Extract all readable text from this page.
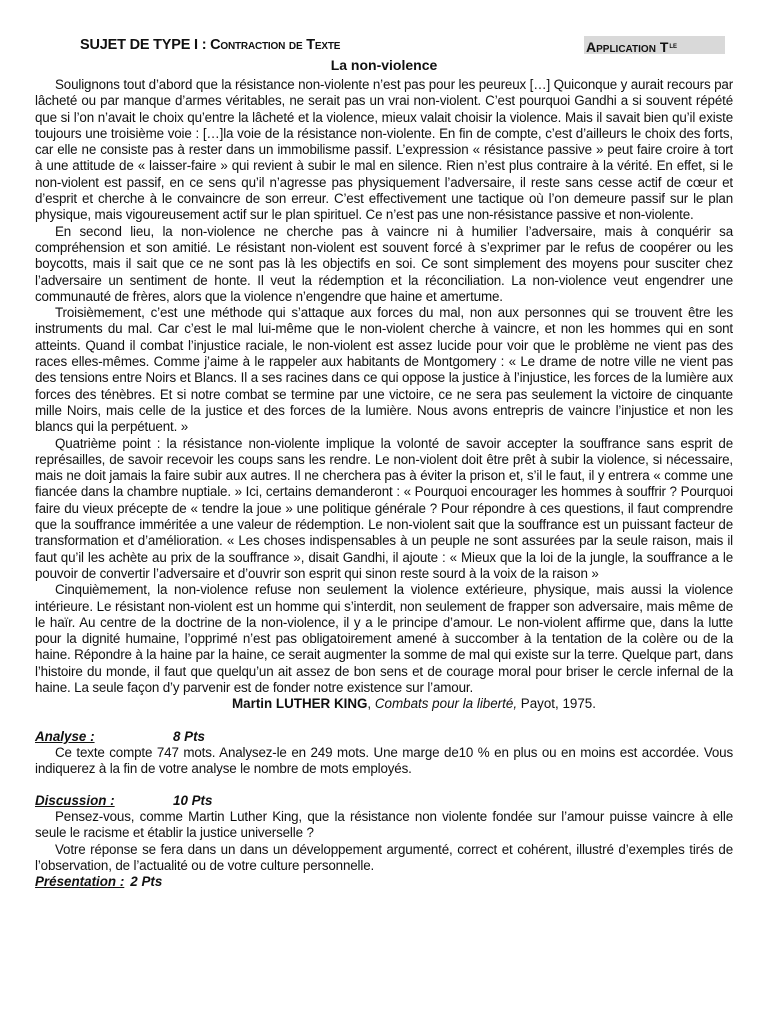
SUJET DE TYPE I : Contraction de Texte	Application $T^{le}$
La non-violence

Soulignons tout d’abord que la résistance non-violente n’est pas pour les peureux […] Quiconque y aurait recours par lâcheté ou par manque d’armes véritables, ne serait pas un vrai non-violent. C’est pourquoi Gandhi a si souvent répété que si l’on n’avait le choix qu’entre la lâcheté et la violence, mieux valait choisir la violence. Mais il savait bien qu’il existe toujours une troisième voie : […]la voie de la résistance non-violente. En fin de compte, c’est d’ailleurs le choix des forts, car elle ne consiste pas à rester dans un immobilisme passif. L’expression « résistance passive » peut faire croire à tort à une attitude de « laisser-faire » qui revient à subir le mal en silence. Rien n’est plus contraire à la vérité. En effet, si le non-violent est passif, en ce sens qu’il n’agresse pas physiquement l’adversaire, il reste sans cesse actif de cœur et d’esprit et cherche à le convaincre de son erreur. C’est effectivement une tactique où l’on demeure passif sur le plan physique, mais vigoureusement actif sur le plan spirituel. Ce n’est pas une non-résistance passive et non-violente.

En second lieu, la non-violence ne cherche pas à vaincre ni à humilier l’adversaire, mais à conquérir sa compréhension et son amitié. Le résistant non-violent est souvent forcé à s’exprimer par le refus de coopérer ou les boycotts, mais il sait que ce ne sont pas là les objectifs en soi. Ce sont simplement des moyens pour susciter chez l’adversaire un sentiment de honte. Il veut la rédemption et la réconciliation. La non-violence veut engendrer une communauté de frères, alors que la violence n’engendre que haine et amertume.

Troisièmement, c’est une méthode qui s’attaque aux forces du mal, non aux personnes qui se trouvent être les instruments du mal. Car c’est le mal lui-même que le non-violent cherche à vaincre, et non les hommes qui en sont atteints. Quand il combat l’injustice raciale, le non-violent est assez lucide pour voir que le problème ne vient pas des races elles-mêmes. Comme j’aime à le rappeler aux habitants de Montgomery : « Le drame de notre ville ne vient pas des tensions entre Noirs et Blancs. Il a ses racines dans ce qui oppose la justice à l’injustice, les forces de la lumière aux forces des ténèbres. Et si notre combat se termine par une victoire, ce ne sera pas seulement la victoire de cinquante mille Noirs, mais celle de la justice et des forces de la lumière. Nous avons entrepris de vaincre l’injustice et non les blancs qui la perpétuent. »

Quatrième point : la résistance non-violente implique la volonté de savoir accepter la souffrance sans esprit de représailles, de savoir recevoir les coups sans les rendre. Le non-violent doit être prêt à subir la violence, si nécessaire, mais ne doit jamais la faire subir aux autres. Il ne cherchera pas à éviter la prison et, s’il le faut, il y entrera « comme une fiancée dans la chambre nuptiale. » Ici, certains demanderont : « Pourquoi encourager les hommes à souffrir ? Pourquoi faire du vieux précepte de « tendre la joue » une politique générale ? Pour répondre à ces questions, il faut comprendre que la souffrance imméritée a une valeur de rédemption. Le non-violent sait que la souffrance est un puissant facteur de transformation et d’amélioration. « Les choses indispensables à un peuple ne sont assurées par la seule raison, mais il faut qu’il les achète au prix de la souffrance », disait Gandhi, il ajoute : « Mieux que la loi de la jungle, la souffrance a le pouvoir de convertir l’adversaire et d’ouvrir son esprit qui sinon reste sourd à la voix de la raison »

Cinquièmement, la non-violence refuse non seulement la violence extérieure, physique, mais aussi la violence intérieure. Le résistant non-violent est un homme qui s’interdit, non seulement de frapper son adversaire, mais même de le haïr. Au centre de la doctrine de la non-violence, il y a le principe d’amour. Le non-violent affirme que, dans la lutte pour la dignité humaine, l’opprimé n’est pas obligatoirement amené à succomber à la tentation de la colère ou de la haine. Répondre à la haine par la haine, ce serait augmenter la somme de mal qui existe sur la terre. Quelque part, dans l’histoire du monde, il faut que quelqu’un ait assez de bon sens et de courage moral pour briser le cercle infernal de la haine. La seule façon d’y parvenir est de fonder notre existence sur l’amour.

Martin LUTHER KING, Combats pour la liberté, Payot, 1975.
Analyse :	8 Pts

Ce texte compte 747 mots. Analysez-le en 249 mots. Une marge de10 % en plus ou en moins est accordée. Vous indiquerez à la fin de votre analyse le nombre de mots employés.

Discussion :	10 Pts

Pensez-vous, comme Martin Luther King, que la résistance non violente fondée sur l’amour puisse vaincre à elle seule le racisme et établir la justice universelle ?

Votre réponse se fera dans un dans un développement argumenté, correct et cohérent, illustré d’exemples tirés de l’observation, de l’actualité ou de votre culture personnelle.

Présentation : 2 Pts
